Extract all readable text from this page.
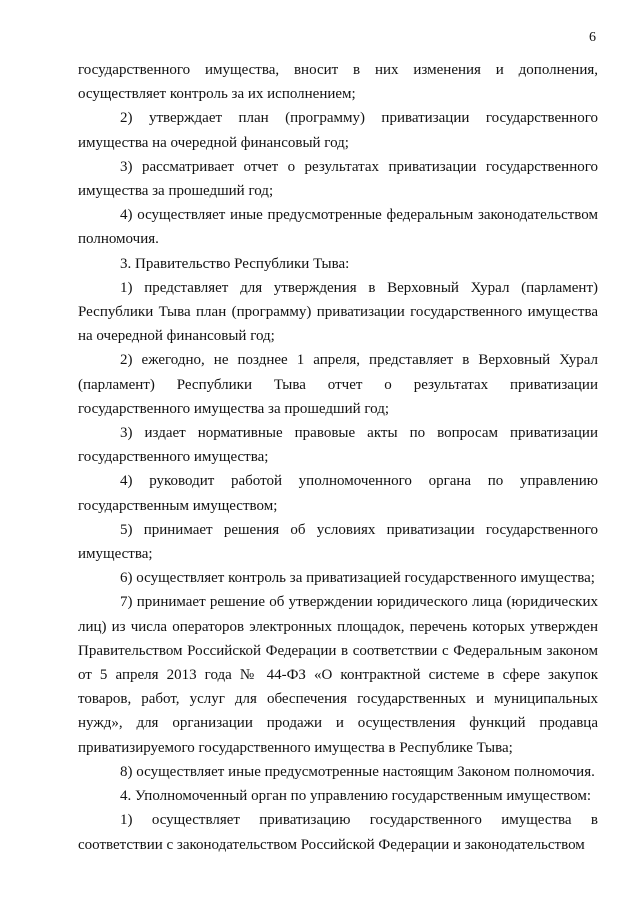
6

государственного имущества, вносит в них изменения и дополнения, осуществляет контроль за их исполнением;

2) утверждает план (программу) приватизации государственного имущества на очередной финансовый год;

3) рассматривает отчет о результатах приватизации государственного имущества за прошедший год;

4) осуществляет иные предусмотренные федеральным законодательством полномочия.

3. Правительство Республики Тыва:

1) представляет для утверждения в Верховный Хурал (парламент) Республики Тыва план (программу) приватизации государственного имущества на очередной финансовый год;

2) ежегодно, не позднее 1 апреля, представляет в Верховный Хурал (парламент) Республики Тыва отчет о результатах приватизации государственного имущества за прошедший год;

3) издает нормативные правовые акты по вопросам приватизации государственного имущества;

4) руководит работой уполномоченного органа по управлению государственным имуществом;

5) принимает решения об условиях приватизации государственного имущества;

6) осуществляет контроль за приватизацией государственного имущества;

7) принимает решение об утверждении юридического лица (юридических лиц) из числа операторов электронных площадок, перечень которых утвержден Правительством Российской Федерации в соответствии с Федеральным законом от 5 апреля 2013 года № 44-ФЗ «О контрактной системе в сфере закупок товаров, работ, услуг для обеспечения государственных и муниципальных нужд», для организации продажи и осуществления функций продавца приватизируемого государственного имущества в Республике Тыва;

8) осуществляет иные предусмотренные настоящим Законом полномочия.

4. Уполномоченный орган по управлению государственным имуществом:

1) осуществляет приватизацию государственного имущества в соответствии с законодательством Российской Федерации и законодательством
